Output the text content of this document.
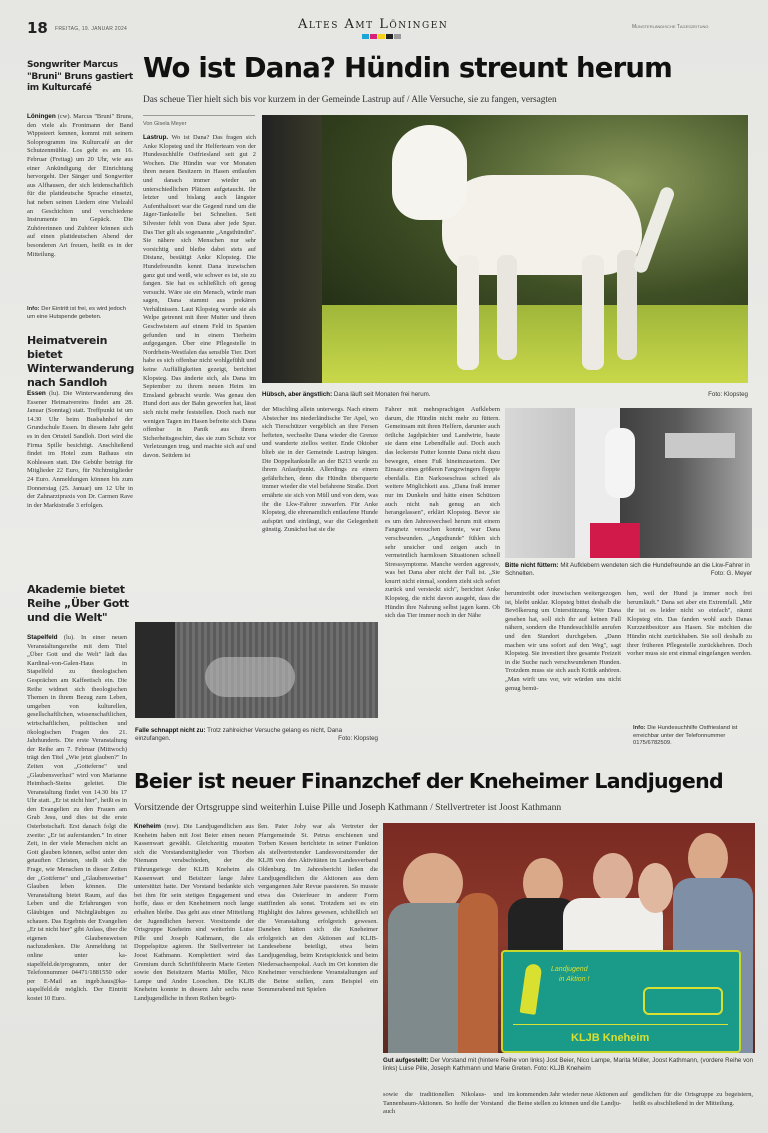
18 FREITAG, 19. JANUAR 2024	Altes Amt Löningen	Münsterländische Tageszeitung
Songwriter Marcus "Bruni" Bruns gastiert im Kulturcafé

Löningen (cw). Marcus "Bruni" Bruns, den viele als Frontmann der Band Wippsteert kennen, kommt mit seinem Soloprogramm ins Kulturcafé an der Schutzenmühle. Los geht es am 16. Februar (Freitag) um 20 Uhr, wie aus einer Ankündigung der Einrichtung hervorgeht. Der Sänger und Songwriter aus Alfhausen, der sich leidenschaftlich für die plattdeutsche Sprache einsetzt, hat neben seinen Liedern eine Vielzahl an Geschichten und verschiedene Instrumente im Gepäck. Die Zuhörerinnen und Zuhörer können sich auf einen plattdeutschen Abend der besonderen Art freuen, heißt es in der Mitteilung.

Info: Der Eintritt ist frei, es wird jedoch um eine Hutspende gebeten.
Heimatverein bietet Winterwanderung nach Sandloh

Essen (lu). Die Winterwanderung des Essener Heimatvereins findet am 28. Januar (Sonntag) statt. Treffpunkt ist um 14.30 Uhr beim Busbahnhof der Grundschule Essen. In diesem Jahr geht es in den Ortsteil Sandloh. Dort wird die Firma Spille besichtigt. Anschließend findet im Hotel zum Rathaus ein Kohlessen statt. Die Gebühr beträgt für Mitglieder 22 Euro, für Nichtmitglieder 24 Euro. Anmeldungen können bis zum Donnerstag (25. Januar) um 12 Uhr in der Zahnarztpraxis von Dr. Carmen Rave in der Marktstraße 3 erfolgen.

Akademie bietet Reihe „Über Gott und die Welt"

Stapelfeld (lu). In einer neuen Veranstaltungsreihe mit dem Titel „Über Gott und die Welt" lädt das Kardinal-von-Galen-Haus in Stapelfeld zu theologischen Gesprächen am Kaffeetisch ein. Die Reihe widmet sich theologischen Themen in ihrem Bezug zum Leben, umgeben von kulturellen, gesellschaftlichen, wissenschaftlichen, wirtschaftlichen, politischen und ökologischen Fragen des 21. Jahrhunderts. Die erste Veranstaltung der Reihe am 7. Februar (Mittwoch) trägt den Titel „Wie jetzt glauben?" In Zeiten von „Gotteferne" und „Glaubensverlust" wird von Marianne Heimbach-Steins geleitet. Die Veranstaltung findet von 14.30 bis 17 Uhr statt. „Er ist nicht hier", heißt es in den Evangelien zu den Frauen am Grab Jesu, und dies ist die erste Osterbotschaft. Erst danach folgt die zweite: „Er ist auferstanden." In einer Zeit, in der viele Menschen nicht an Gott glauben können, selbst unter den getauften Christen, stellt sich die Frage, wie Menschen in dieser Zeiten der „Gottferne" und „Glaubensweise" Glauben leben können. Die Veranstaltung bietet Raum, auf das Leben und die Erfahrungen von Gläubigen und Nichtgläubigen zu schauen. Das Ergebnis der Evangelien „Er ist nicht hier" gibt Anlass, über die eigenen Glaubensweisen nachzudenken. Die Anmeldung ist online unter ka-stapelfeld.de/programm, unter der Telefonnummer 04471/1881550 oder per E-Mail an ingeb.haus@ka-stapelfeld.de möglich. Der Eintritt kostet 10 Euro.

Wo ist Dana? Hündin streunt herum
Das scheue Tier hielt sich bis vor kurzem in der Gemeinde Lastrup auf / Alle Versuche, sie zu fangen, versagten
Von Gisela Meyer

Lastrup. Wo ist Dana? Das fragen sich Anke Klopsteg und ihr Helferteam von der Hundesuchhilfe Ostfriesland seit gut 2 Wochen. Die Hündin war vor Monaten ihren neuen Besitzern in Hasen entlaufen und danach immer wieder an unterschiedlichen Plätzen aufgetaucht. Ihr letzter und bislang auch längster Aufenthaltsort war die Gegend rund um die Jäger-Tankstelle bei Schnelten. Seit Silvester fehlt von Dana aber jede Spur. Das Tier gilt als sogenannte „Angsthündin". Sie nähere sich Menschen nur sehr vorsichtig und bleibe dabei stets auf Distanz, bestätigt Anke Klopsteg. Die Hundefreundin kennt Dana inzwischen ganz gut und weiß, wie schwer es ist, sie zu fangen. Sie hat es schließlich oft genug versucht. Wäre sie ein Mensch, würde man sagen, Dana stammt aus prekären Verhältnissen. Laut Klopsteg wurde sie als Welpe getrennt mit ihrer Mutter und ihren Geschwistern auf einem Feld in Spanien gefunden und in einem Tierheim aufgegangen. Über eine Pflegestelle in Nordrhein-Westfalen das sensible Tier. Dort habe es sich offenbar nicht wohlgefühlt und keine Auffälligkeiten gezeigt, berichtet Klopsteg. Das änderte sich, als Dana im September zu ihrem neuen Heim im Emsland gebracht wurde. Was genau den Hund dort aus der Bahn geworfen hat, lässt sich nicht mehr feststellen. Doch nach nur wenigen Tagen im Hasen befreite sich Dana offenbar in Panik aus ihrem Sicherheitsgeschirr, das sie zum Schutz vor Verletzungen trug, und machte sich auf und davon. Seitdem ist

Hübsch, aber ängstlich: Dana läuft seit Monaten frei herum.	Foto: Klopsteg

der Mischling allein unterwegs. Nach einem Abstecher ins niederländische Ter Apel, wo sich Tierschützer vergeblich an ihre Fersen hefteten, wechselte Dana wieder die Grenze und wanderte ziellos weiter. Ende Oktober blieb sie in der Gemeinde Lastrup hängen. Die Doppeltankstelle an der B213 wurde zu ihrem Anlaufpunkt. Allerdings zu einem gefährlichen, denn die Hündin überquerte immer wieder die viel befahrene Straße. Dort ernährte sie sich von Müll und von dem, was ihr die Lkw-Fahrer zuwarfen. Für Anke Klopsteg, die ehrenamtlich entlaufene Hunde aufspürt und einfängt, war die Gelegenheit günstig. Zunächst bat sie die

Fahrer mit mehrsprachigen Aufklebern darum, die Hündin nicht mehr zu füttern. Gemeinsam mit ihren Helfern, darunter auch örtliche Jagdpächter und Landwirte, baute sie dann eine Lebendfalle auf. Doch auch das leckerste Futter konnte Dana nicht dazu bewegen, einen Fuß hineinzusetzen. Der Einsatz eines größeren Fangzwingers floppte ebenfalls. Ein Narkoseschuss schied als weitere Möglichkeit aus. „Dana fraß immer nur im Dunkeln und hätte einen Schützen auch nicht nah genug an sich herangelassen", erklärt Klopsteg. Bevor sie es um den Jahreswechsel herum mit einem Fangnetz versuchen konnte, war Dana verschwunden. „Angsthunde" fühlen sich sehr unsicher und zeigen auch in vermeintlich harmlosen Situationen schnell Stresssymptome. Manche werden aggressiv, was bei Dana aber nicht der Fall ist. „Sie knurrt nicht einmal, sondern zieht sich sofort zurück und versteckt sich", berichtet Anke Klopsteg, die nicht davon ausgeht, dass die Hündin ihre Nahrung selbst jagen kann. Ob sich das Tier immer noch in der Nähe

Bitte nicht füttern: Mit Aufklebern wendeten sich die Hundefreunde an die Lkw-Fahrer in Schnelten.	Foto: G. Meyer

herumtreibt oder inzwischen weitergezogen ist, bleibt unklar. Klopsteg bittet deshalb die Bevölkerung um Unterstützung. Wer Dana gesehen hat, soll sich ihr auf keinen Fall nähern, sondern die Hundesuchhilfe anrufen und den Standort durchgeben. „Dann machen wir uns sofort auf den Weg", sagt Klopsteg. Sie investiert ihre gesamte Freizeit in die Suche nach verschwundenen Hunden. Trotzdem muss sie sich auch Kritik anhören. „Man wirft uns vor, wir würden uns nicht genug bemü-

hen, weil der Hund ja immer noch frei herumläuft." Dana sei aber ein Extremfall. „Mir ihr ist es leider nicht so einfach", räumt Klopsteg ein. Das fanden wohl auch Danas Kurzzeitbesitzer aus Hasen. Sie möchten die Hündin nicht zurückhaben. Sie soll deshalb zu ihrer früheren Pflegestelle zurückkehren. Doch vorher muss sie erst einmal eingefangen werden.

Info: Die Hundesuchhilfe Ostfriesland ist erreichbar unter der Telefonnummer 0175/6782509.
Falle schnappt nicht zu: Trotz zahlreicher Versuche gelang es nicht, Dana einzufangen.	Foto: Klopsteg
Beier ist neuer Finanzchef der Kneheimer Landjugend
Vorsitzende der Ortsgruppe sind weiterhin Luise Pille und Joseph Kathmann / Stellvertreter ist Joost Kathmann

Kneheim (mw). Die Landjugendlichen aus Kneheim haben mit Jost Beier einen neuen Kassenwart gewählt. Gleichzeitig mussten sich die Vorstandsmitglieder von Thorben Niemann verabschieden, der die Führungsriege der KLJB Kneheim als Kassenwart und Beisitzer lange Jahre unterstützt hatte. Der Vorstand bedankte sich bei ihm für sein stetiges Engagement und hoffe, dass er den Kneheimern noch lange erhalten bleibe. Das geht aus einer Mitteilung der Jugendlichen hervor. Vorsitzende der Ortsgruppe Kneheim sind weiterhin Luise Pille und Joseph Kathmann, die als Doppelspitze agieren. Ihr Stellvertreter ist Joost Kathmann. Komplettiert wird das Gremium durch Schriftführerin Marie Greten sowie den Beisitzern Marita Müller, Nico Lampe und Andre Looschen. Die KLJB Kneheim konnte in diesem Jahr sechs neue Landjugendliche in ihren Reihen begrü-

ßen. Pater Joby war als Vertreter der Pfarrgemeinde St. Petrus erschienen und Torben Kessen berichtete in seiner Funktion als stellvertretender Landesvorsitzender der KLJB von den Aktivitäten im Landesverband Oldenburg. Im Jahresbericht ließen die Landjugendlichen die Aktionen aus dem vergangenen Jahr Revue passieren. So musste etwa das Osterfeuer in anderer Form stattfinden als sonst. Trotzdem sei es ein Highlight des Jahres gewesen, schließlich sei die Veranstaltung erfolgreich gewesen. Daneben hätten sich die Kneheimer erfolgreich an den Aktionen auf KLJB-Landesebene beteiligt, etwa beim Landjugendtag, beim Kreispicknick und beim Niedersachsenpokal. Auch im Ort konnten die Kneheimer verschiedene Veranstaltungen auf die Beine stellen, zum Beispiel ein Sommerabend mit Spielen

Landjugend
in Aktion !
KLJB Kneheim
Gut aufgestellt: Der Vorstand mit (hintere Reihe von links) Jost Beier, Nico Lampe, Marita Müller, Joost Kathmann, (vordere Reihe von links) Luise Pille, Joseph Kathmann und Marie Greten. Foto: KLJB Kneheim

sowie die traditionellen Nikolaus- und Tannenbaum-Aktionen. So hoffe der Vorstand auch

im kommenden Jahr wieder neue Aktionen auf die Beine stellen zu können und die Landju-

gendlichen für die Ortsgruppe zu begeistern, heißt es abschließend in der Mitteilung.
